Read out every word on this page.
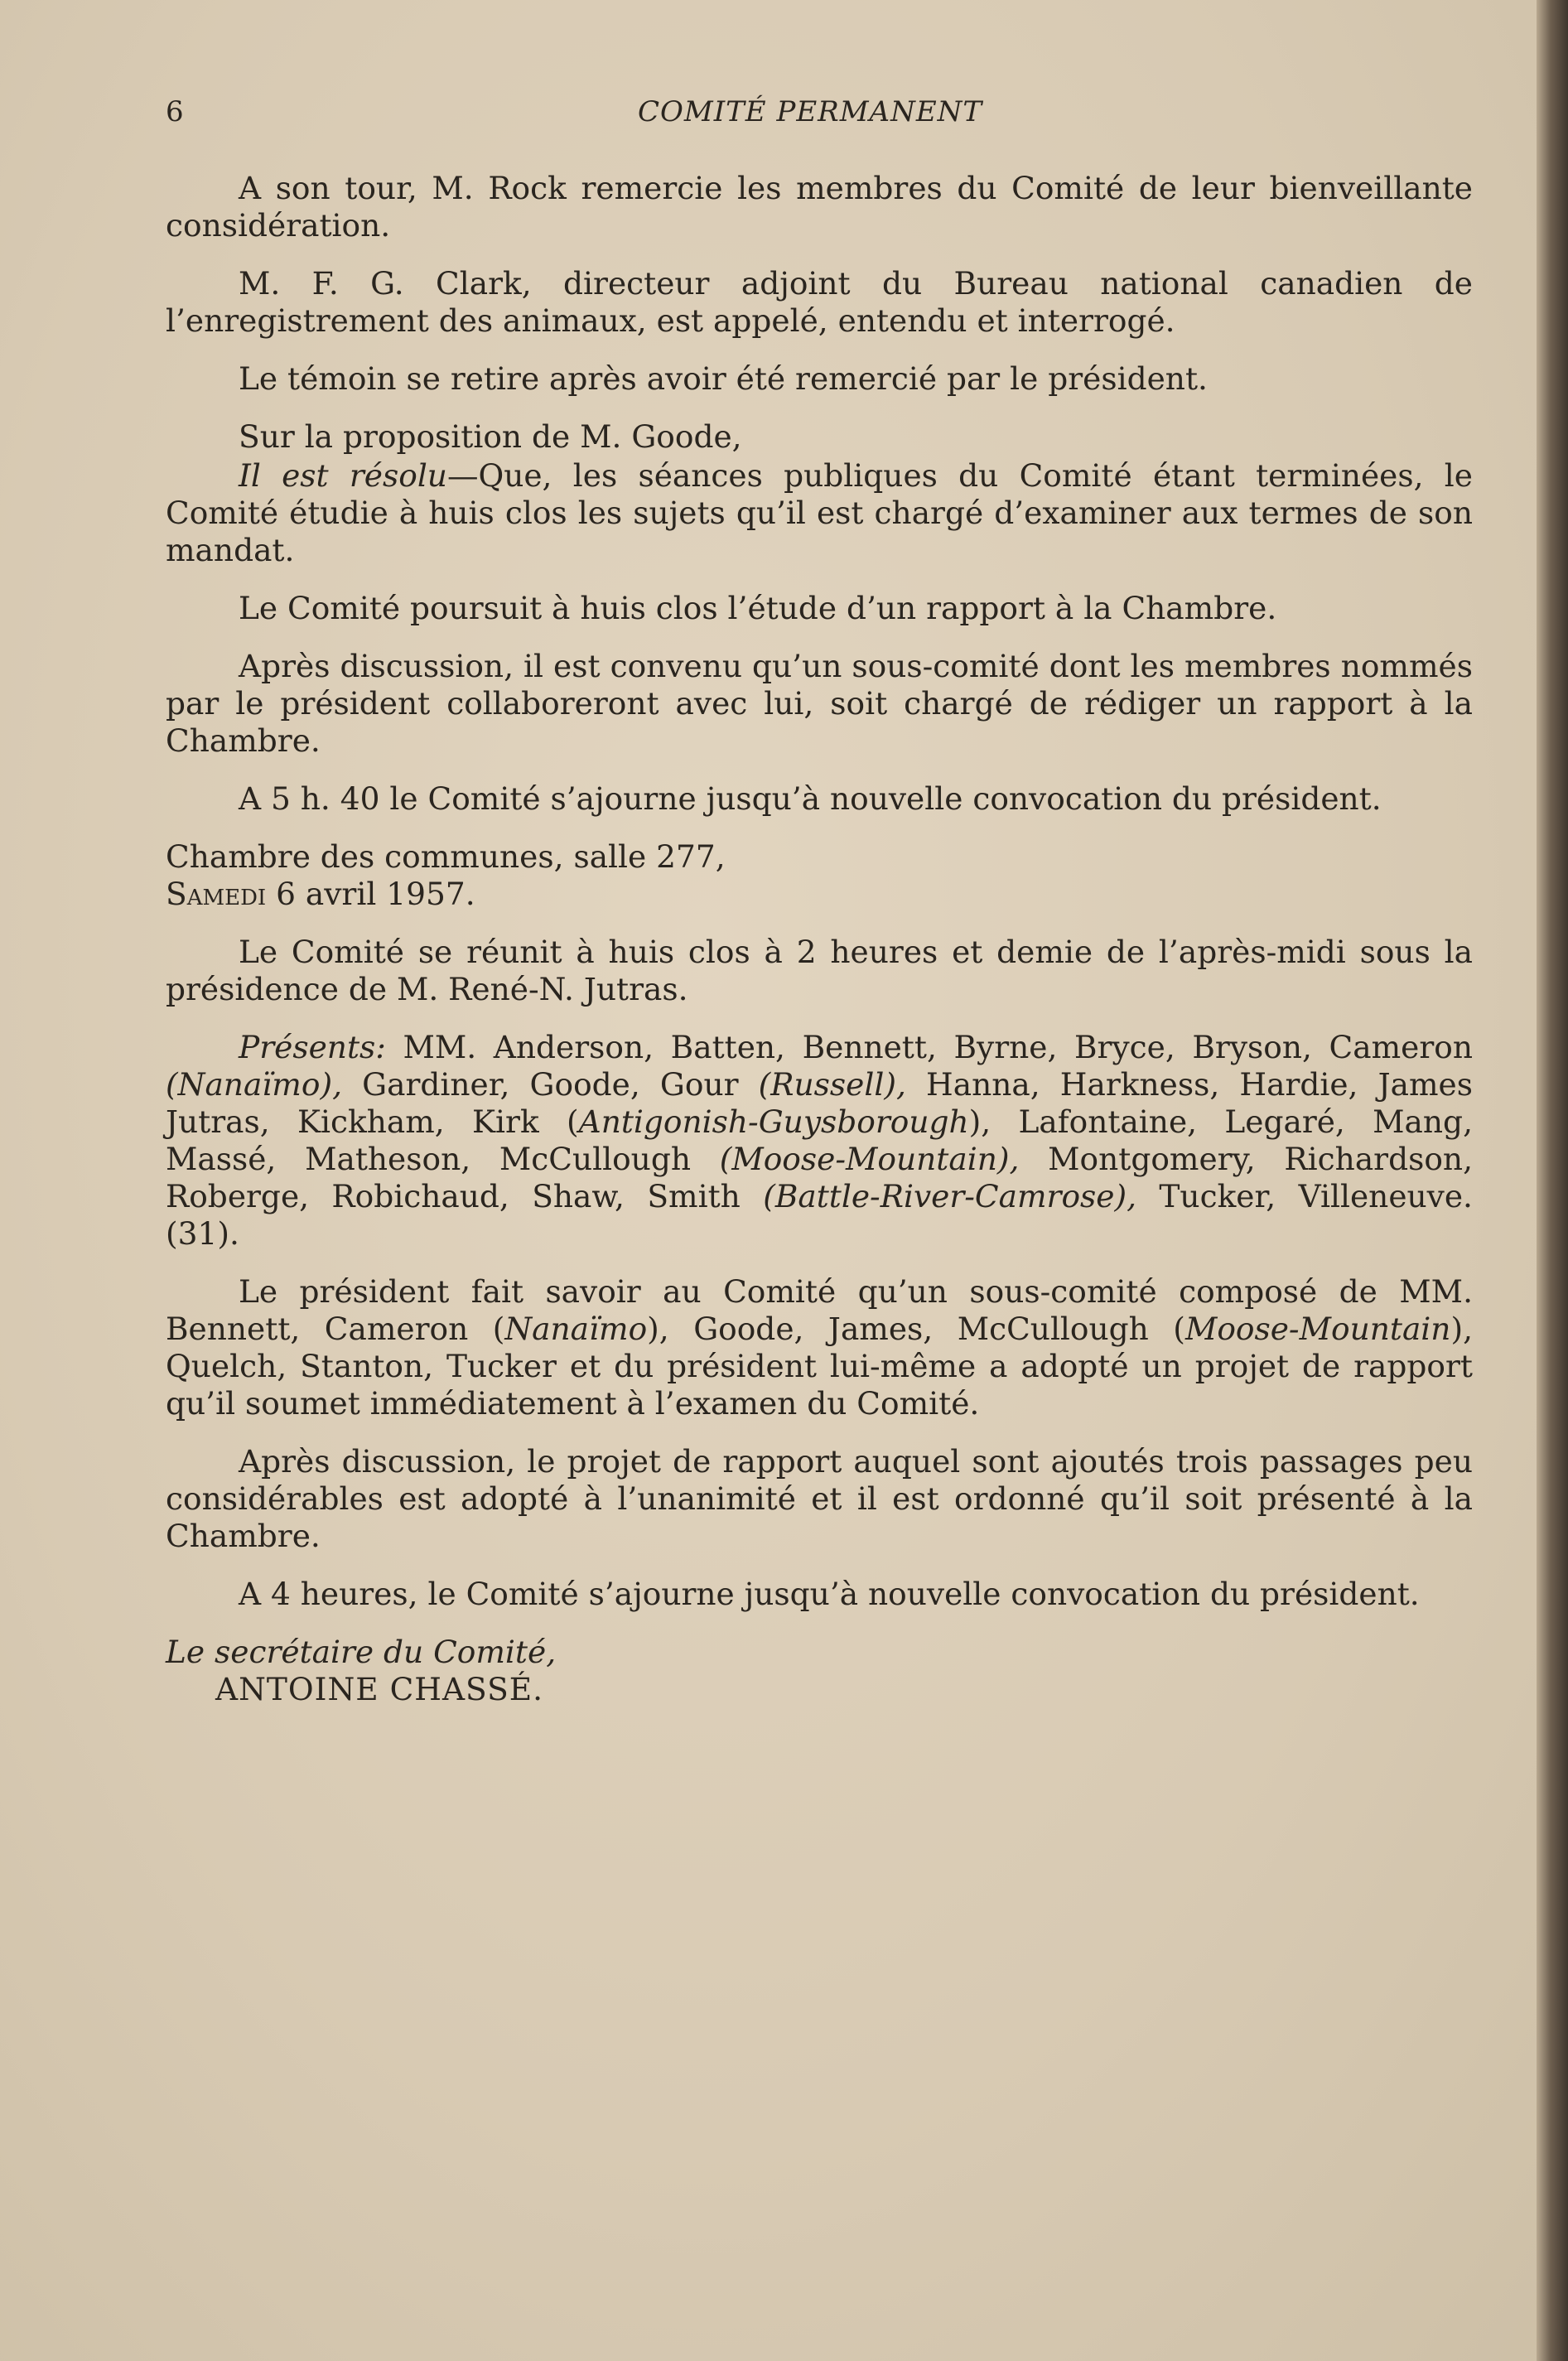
6	COMITÉ PERMANENT

A son tour, M. Rock remercie les membres du Comité de leur bienveillante considération.

M. F. G. Clark, directeur adjoint du Bureau national canadien de l’enregistrement des animaux, est appelé, entendu et interrogé.

Le témoin se retire après avoir été remercié par le président.

Sur la proposition de M. Goode,

Il est résolu—Que, les séances publiques du Comité étant terminées, le Comité étudie à huis clos les sujets qu’il est chargé d’examiner aux termes de son mandat.

Le Comité poursuit à huis clos l’étude d’un rapport à la Chambre.

Après discussion, il est convenu qu’un sous-comité dont les membres nommés par le président collaboreront avec lui, soit chargé de rédiger un rapport à la Chambre.

A 5 h. 40 le Comité s’ajourne jusqu’à nouvelle convocation du président.

Chambre des communes, salle 277,
Samedi 6 avril 1957.

Le Comité se réunit à huis clos à 2 heures et demie de l’après-midi sous la présidence de M. René-N. Jutras.

Présents: MM. Anderson, Batten, Bennett, Byrne, Bryce, Bryson, Cameron (Nanaïmo), Gardiner, Goode, Gour (Russell), Hanna, Harkness, Hardie, James Jutras, Kickham, Kirk (Antigonish-Guysborough), Lafontaine, Legaré, Mang, Massé, Matheson, McCullough (Moose-Mountain), Montgomery, Richardson, Roberge, Robichaud, Shaw, Smith (Battle-River-Camrose), Tucker, Villeneuve. (31).

Le président fait savoir au Comité qu’un sous-comité composé de MM. Bennett, Cameron (Nanaïmo), Goode, James, McCullough (Moose-Mountain), Quelch, Stanton, Tucker et du président lui-même a adopté un projet de rapport qu’il soumet immédiatement à l’examen du Comité.

Après discussion, le projet de rapport auquel sont ajoutés trois passages peu considérables est adopté à l’unanimité et il est ordonné qu’il soit présenté à la Chambre.

A 4 heures, le Comité s’ajourne jusqu’à nouvelle convocation du président.

Le secrétaire du Comité,
ANTOINE CHASSÉ.
